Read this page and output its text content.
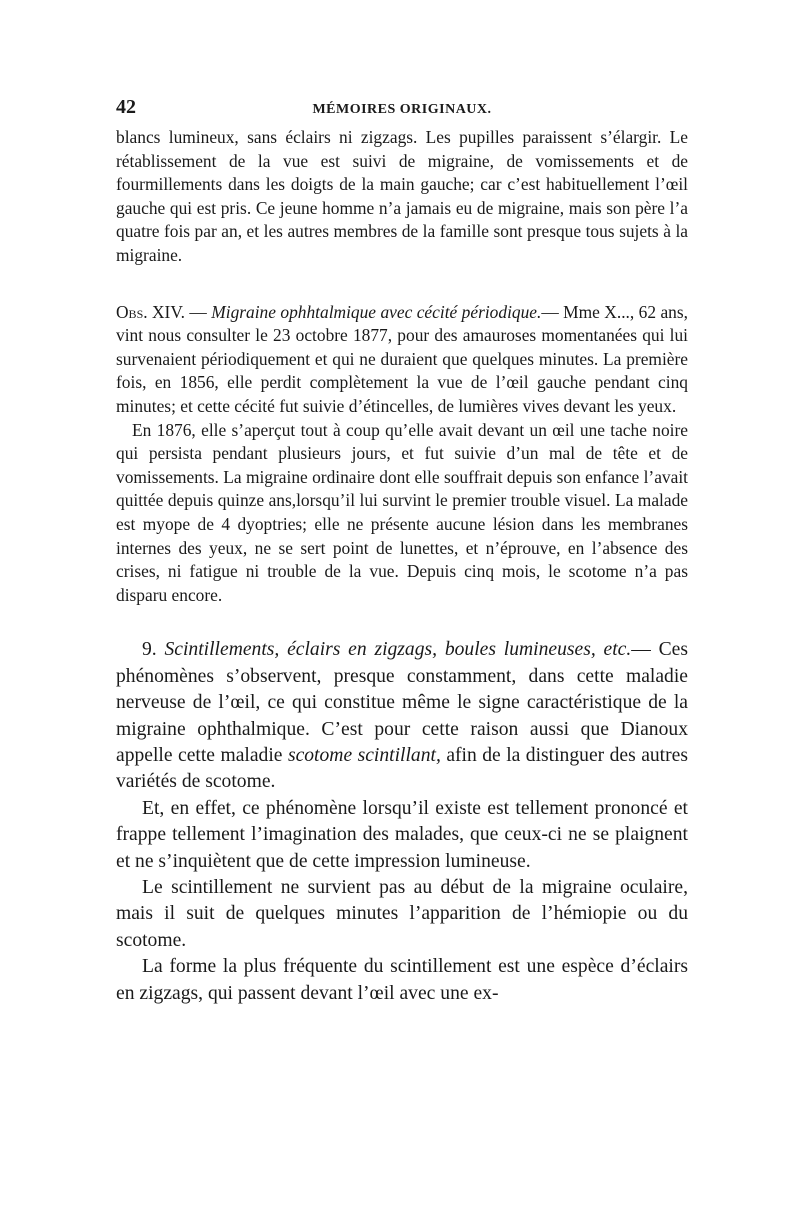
42	MÉMOIRES ORIGINAUX.

blancs lumineux, sans éclairs ni zigzags. Les pupilles paraissent s’élargir. Le rétablissement de la vue est suivi de migraine, de vomissements et de fourmillements dans les doigts de la main gauche; car c’est habituellement l’œil gauche qui est pris. Ce jeune homme n’a jamais eu de migraine, mais son père l’a quatre fois par an, et les autres membres de la famille sont presque tous sujets à la migraine.

Obs. XIV. — Migraine ophhtalmique avec cécité périodique.— Mme X..., 62 ans, vint nous consulter le 23 octobre 1877, pour des amauroses momentanées qui lui survenaient périodiquement et qui ne duraient que quelques minutes. La première fois, en 1856, elle perdit complètement la vue de l’œil gauche pendant cinq minutes; et cette cécité fut suivie d’étincelles, de lumières vives devant les yeux.

En 1876, elle s’aperçut tout à coup qu’elle avait devant un œil une tache noire qui persista pendant plusieurs jours, et fut suivie d’un mal de tête et de vomissements. La migraine ordinaire dont elle souffrait depuis son enfance l’avait quittée depuis quinze ans,lorsqu’il lui survint le premier trouble visuel. La malade est myope de 4 dyoptries; elle ne présente aucune lésion dans les membranes internes des yeux, ne se sert point de lunettes, et n’éprouve, en l’absence des crises, ni fatigue ni trouble de la vue. Depuis cinq mois, le scotome n’a pas disparu encore.

9. Scintillements, éclairs en zigzags, boules lumineuses, etc.— Ces phénomènes s’observent, presque constamment, dans cette maladie nerveuse de l’œil, ce qui constitue même le signe caractéristique de la migraine ophthalmique. C’est pour cette raison aussi que Dianoux appelle cette maladie scotome scintillant, afin de la distinguer des autres variétés de scotome.

Et, en effet, ce phénomène lorsqu’il existe est tellement prononcé et frappe tellement l’imagination des malades, que ceux-ci ne se plaignent et ne s’inquiètent que de cette impression lumineuse.

Le scintillement ne survient pas au début de la migraine oculaire, mais il suit de quelques minutes l’apparition de l’hémiopie ou du scotome.

La forme la plus fréquente du scintillement est une espèce d’éclairs en zigzags, qui passent devant l’œil avec une ex-
